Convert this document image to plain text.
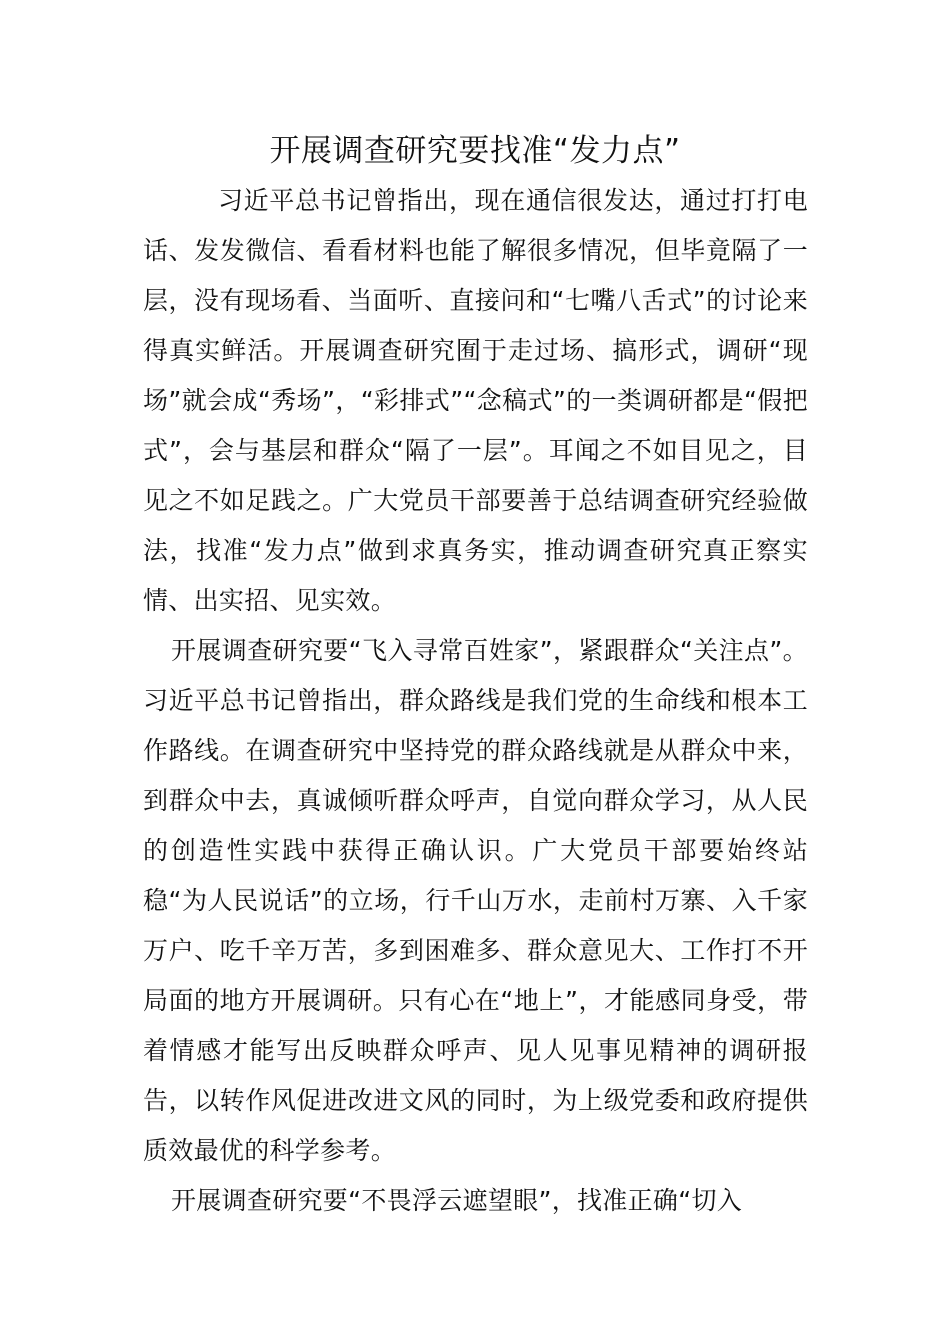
开展调查研究要找准“发力点”

习近平总书记曾指出，现在通信很发达，通过打打电话、发发微信、看看材料也能了解很多情况，但毕竟隔了一层，没有现场看、当面听、直接问和“七嘴八舌式”的讨论来得真实鲜活。开展调查研究囿于走过场、搞形式，调研“现场”就会成“秀场”，“彩排式”“念稿式”的一类调研都是“假把式”，会与基层和群众“隔了一层”。耳闻之不如目见之，目见之不如足践之。广大党员干部要善于总结调查研究经验做法，找准“发力点”做到求真务实，推动调查研究真正察实情、出实招、见实效。

开展调查研究要“飞入寻常百姓家”，紧跟群众“关注点”。习近平总书记曾指出，群众路线是我们党的生命线和根本工作路线。在调查研究中坚持党的群众路线就是从群众中来，到群众中去，真诚倾听群众呼声，自觉向群众学习，从人民的创造性实践中获得正确认识。广大党员干部要始终站稳“为人民说话”的立场，行千山万水，走前村万寨、入千家万户、吃千辛万苦，多到困难多、群众意见大、工作打不开局面的地方开展调研。只有心在“地上”，才能感同身受，带着情感才能写出反映群众呼声、见人见事见精神的调研报告，以转作风促进改进文风的同时，为上级党委和政府提供质效最优的科学参考。

开展调查研究要“不畏浮云遮望眼”，找准正确“切入
